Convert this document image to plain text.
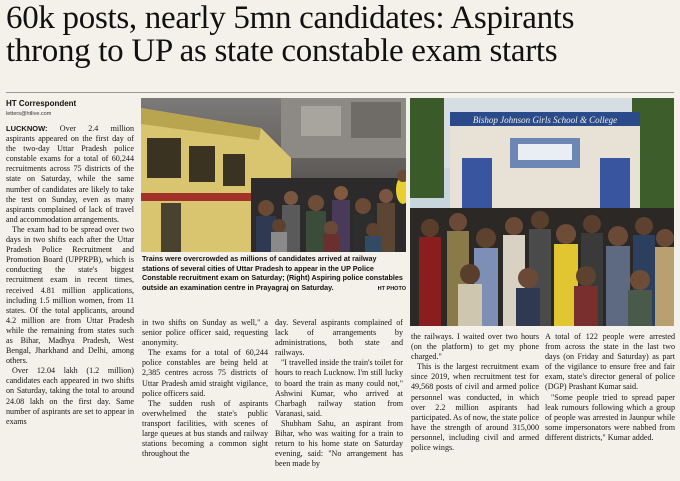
60k posts, nearly 5mn candidates: Aspirants
throng to UP as state constable exam starts
HT Correspondent
letters@htlive.com

LUCKNOW: Over 2.4 million aspirants appeared on the first day of the two-day Uttar Pradesh police constable exams for a total of 60,244 recruitments across 75 districts of the state on Saturday, while the same number of candidates are likely to take the test on Sunday, even as many aspirants complained of lack of travel and accommodation arrangements.

The exam had to be spread over two days in two shifts each after the Uttar Pradesh Police Recruitment and Promotion Board (UPPRPB), which is conducting the state's biggest recruitment exam in recent times, received 4.81 million applications, including 1.5 million women, from 11 states. Of the total applicants, around 4.2 million are from Uttar Pradesh while the remaining from states such as Bihar, Madhya Pradesh, West Bengal, Jharkhand and Delhi, among others.

Over 12.04 lakh (1.2 million) candidates each appeared in two shifts on Saturday, taking the total to around 24.08 lakh on the first day. Same number of aspirants are set to appear in exams

Bishop Johnson Girls School & College
Trains were overcrowded as millions of candidates arrived at railway stations of several cities of Uttar Pradesh to appear in the UP Police Constable recruitment exam on Saturday; (Right) Aspiring police constables outside an examination centre in Prayagraj on Saturday.	HT PHOTO

in two shifts on Sunday as well," a senior police officer said, requesting anonymity.

The exams for a total of 60,244 police constables are being held at 2,385 centres across 75 districts of Uttar Pradesh amid straight vigilance, police officers said.

The sudden rush of aspirants overwhelmed the state's public transport facilities, with scenes of large queues at bus stands and railway stations becoming a common sight throughout the

day. Several aspirants complained of lack of arrangements by administrations, both state and railways.

"I travelled inside the train's toilet for hours to reach Lucknow. I'm still lucky to board the train as many could not," Ashwini Kumar, who arrived at Charbagh railway station from Varanasi, said.

Shubham Sahu, an aspirant from Bihar, who was waiting for a train to return to his home state on Saturday evening, said: "No arrangement has been made by

the railways. I waited over two hours (on the platform) to get my phone charged."

This is the largest recruitment exam since 2019, when recruitment test for 49,568 posts of civil and armed police personnel was conducted, in which over 2.2 million aspirants had participated. As of now, the state police have the strength of around 315,000 personnel, including civil and armed police wings.

A total of 122 people were arrested from across the state in the last two days (on Friday and Saturday) as part of the vigilance to ensure free and fair exam, state's director general of police (DGP) Prashant Kumar said.

"Some people tried to spread paper leak rumours following which a group of people was arrested in Jaunpur while some impersonators were nabbed from different districts," Kumar added.
